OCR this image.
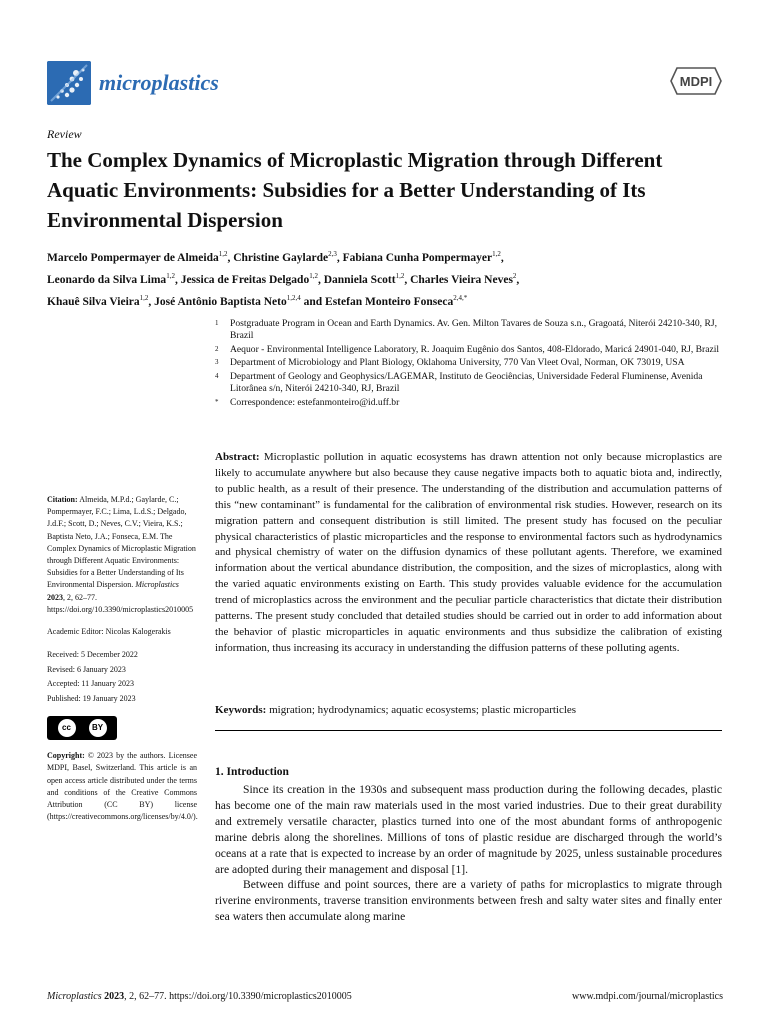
microplastics	MDPI
Review
The Complex Dynamics of Microplastic Migration through Different Aquatic Environments: Subsidies for a Better Understanding of Its Environmental Dispersion
Marcelo Pompermayer de Almeida$^{1,2}$, Christine Gaylarde$^{2,3}$, Fabiana Cunha Pompermayer$^{1,2}$,
Leonardo da Silva Lima$^{1,2}$, Jessica de Freitas Delgado$^{1,2}$, Danniela Scott$^{1,2}$, Charles Vieira Neves$^2$,
Khauê Silva Vieira$^{1,2}$, José Antônio Baptista Neto$^{1,2,4}$ and Estefan Monteiro Fonseca$^{2,4,*}$
1	Postgraduate Program in Ocean and Earth Dynamics. Av. Gen. Milton Tavares de Souza s.n., Gragoatá, Niterói 24210-340, RJ, Brazil
2	Aequor - Environmental Intelligence Laboratory, R. Joaquim Eugênio dos Santos, 408-Eldorado, Maricá 24901-040, RJ, Brazil
3	Department of Microbiology and Plant Biology, Oklahoma University, 770 Van Vleet Oval, Norman, OK 73019, USA
4	Department of Geology and Geophysics/LAGEMAR, Instituto de Geociências, Universidade Federal Fluminense, Avenida Litorânea s/n, Niterói 24210-340, RJ, Brazil
*	Correspondence: estefanmonteiro@id.uff.br
Abstract: Microplastic pollution in aquatic ecosystems has drawn attention not only because microplastics are likely to accumulate anywhere but also because they cause negative impacts both to aquatic biota and, indirectly, to public health, as a result of their presence. The understanding of the distribution and accumulation patterns of this “new contaminant” is fundamental for the calibration of environmental risk studies. However, research on its migration pattern and consequent distribution is still limited. The present study has focused on the peculiar physical characteristics of plastic microparticles and the response to environmental factors such as hydrodynamics and physical chemistry of water on the diffusion dynamics of these pollutant agents. Therefore, we examined information about the vertical abundance distribution, the composition, and the sizes of microplastics, along with the varied aquatic environments existing on Earth. This study provides valuable evidence for the accumulation trend of microplastics across the environment and the peculiar particle characteristics that dictate their distribution patterns. The present study concluded that detailed studies should be carried out in order to add information about the behavior of plastic microparticles in aquatic environments and thus subsidize the calibration of existing information, thus increasing its accuracy in understanding the diffusion patterns of these polluting agents.
Keywords: migration; hydrodynamics; aquatic ecosystems; plastic microparticles
Citation: Almeida, M.P.d.; Gaylarde, C.; Pompermayer, F.C.; Lima, L.d.S.; Delgado, J.d.F.; Scott, D.; Neves, C.V.; Vieira, K.S.; Baptista Neto, J.A.; Fonseca, E.M. The Complex Dynamics of Microplastic Migration through Different Aquatic Environments: Subsidies for a Better Understanding of Its Environmental Dispersion. Microplastics 2023, 2, 62–77. https://doi.org/10.3390/microplastics2010005
Academic Editor: Nicolas Kalogerakis
Received: 5 December 2022
Revised: 6 January 2023
Accepted: 11 January 2023
Published: 19 January 2023
cc	BY
Copyright: © 2023 by the authors. Licensee MDPI, Basel, Switzerland. This article is an open access article distributed under the terms and conditions of the Creative Commons Attribution (CC BY) license (https://creativecommons.org/licenses/by/4.0/).
1. Introduction

Since its creation in the 1930s and subsequent mass production during the following decades, plastic has become one of the main raw materials used in the most varied industries. Due to their great durability and extremely versatile character, plastics turned into one of the most abundant forms of anthropogenic marine debris along the shorelines. Millions of tons of plastic residue are discharged through the world’s oceans at a rate that is expected to increase by an order of magnitude by 2025, unless sustainable procedures are adopted during their management and disposal [1].

Between diffuse and point sources, there are a variety of paths for microplastics to migrate through riverine environments, traverse transition environments between fresh and salty water sites and finally enter sea waters then accumulate along marine

Microplastics 2023, 2, 62–77. https://doi.org/10.3390/microplastics2010005	www.mdpi.com/journal/microplastics
